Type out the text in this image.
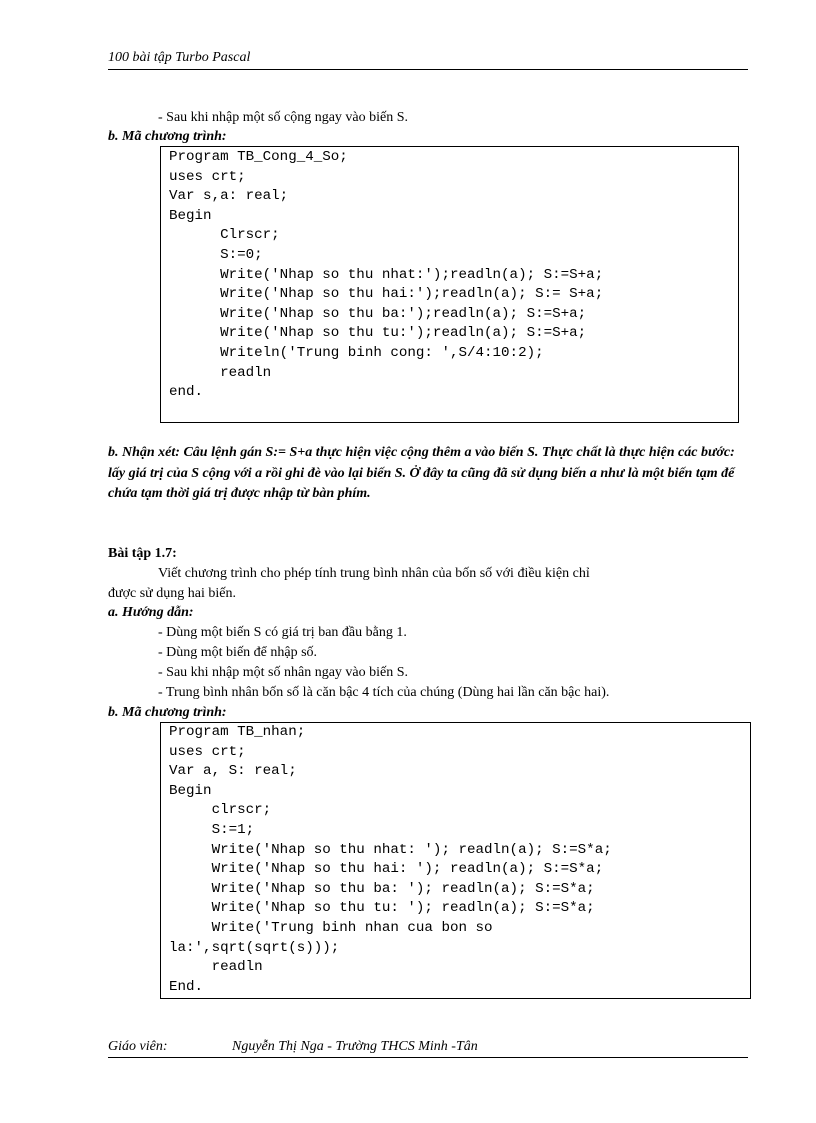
100 bài tập Turbo Pascal
- Sau khi nhập một số cộng ngay vào biến S.
b. Mã chương trình:
Program TB_Cong_4_So;
uses crt;
Var s,a: real;
Begin
Clrscr;
S:=0;
Write('Nhap so thu nhat:');readln(a); S:=S+a;
Write('Nhap so thu hai:');readln(a); S:= S+a;
Write('Nhap so thu ba:');readln(a); S:=S+a;
Write('Nhap so thu tu:');readln(a); S:=S+a;
Writeln('Trung binh cong: ',S/4:10:2);
readln
end.
b. Nhận xét: Câu lệnh gán S:= S+a thực hiện việc cộng thêm a vào biến S. Thực chất là thực hiện các bước: lấy giá trị của S cộng với a rồi ghi đè vào lại biến S. Ở đây ta cũng đã sử dụng biến a như là một biến tạm để chứa tạm thời giá trị được nhập từ bàn phím.
Bài tập 1.7:
Viết chương trình cho phép tính trung bình nhân của bốn số với điều kiện chỉ
được sử dụng hai biến.
a. Hướng dẫn:
- Dùng một biến S có giá trị ban đầu bằng 1.
- Dùng một biến để nhập số.
- Sau khi nhập một số nhân ngay vào biến S.
- Trung bình nhân bốn số là căn bậc 4 tích của chúng (Dùng hai lần căn bậc hai).
b. Mã chương trình:
Program TB_nhan;
uses crt;
Var a, S: real;
Begin
clrscr;
S:=1;
Write('Nhap so thu nhat: '); readln(a); S:=S*a;
Write('Nhap so thu hai: '); readln(a); S:=S*a;
Write('Nhap so thu ba: '); readln(a); S:=S*a;
Write('Nhap so thu tu: '); readln(a); S:=S*a;
Write('Trung binh nhan cua bon so
la:',sqrt(sqrt(s)));
readln
End.
Giáo viên:	Nguyễn Thị Nga - Trường THCS Minh -Tân
